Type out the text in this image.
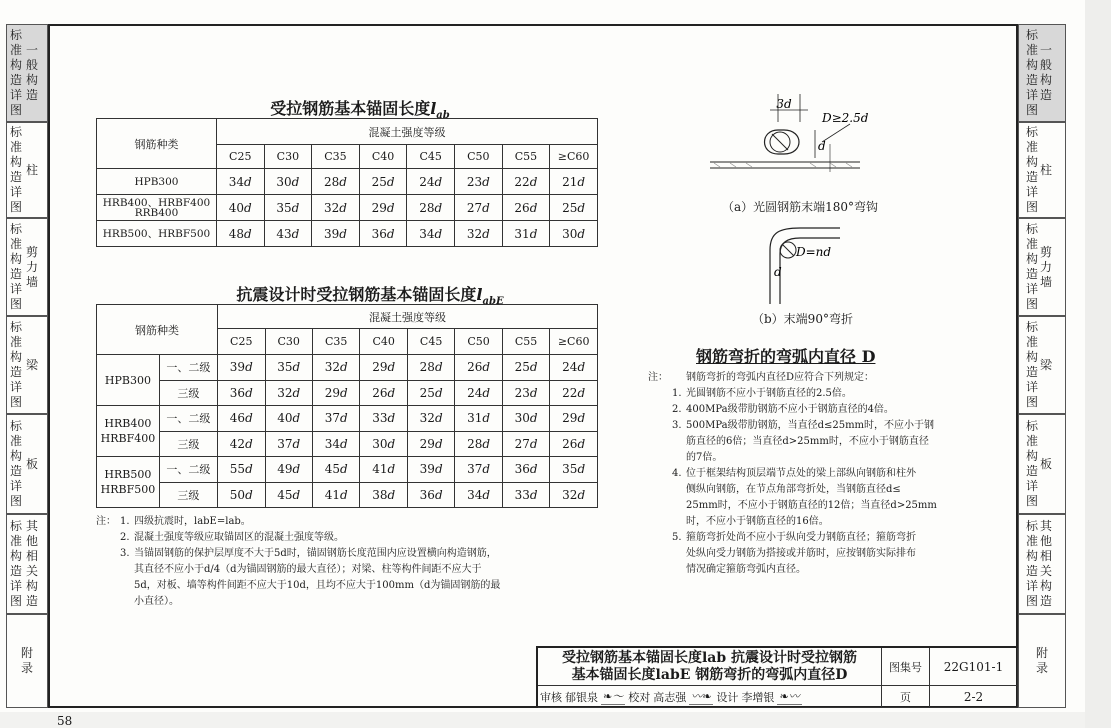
标
准
构
造
详
图
一
般
构
造
标
准
构
造
详
图
柱
标
准
构
造
详
图
剪
力
墙
标
准
构
造
详
图
梁
标
准
构
造
详
图
板
标
准
构
造
详
图
其
他
相
关
构
造
附
录
标
准
构
造
详
图
一
般
构
造
标
准
构
造
详
图
柱
标
准
构
造
详
图
剪
力
墙
标
准
构
造
详
图
梁
标
准
构
造
详
图
板
标
准
构
造
详
图
其
他
相
关
构
造
附
录
受拉钢筋基本锚固长度$l_{ab}$
钢筋种类	混凝土强度等级							
	C25	C30	C35	C40	C45	C50	C55	≥C60
HPB300	34d	30d	28d	25d	24d	23d	22d	21d
HRB400、HRBF400
RRB400	40d	35d	32d	29d	28d	27d	26d	25d
HRB500、HRBF500	48d	43d	39d	36d	34d	32d	31d	30d
抗震设计时受拉钢筋基本锚固长度$l_{abE}$
钢筋种类		混凝土强度等级							
		C25	C30	C35	C40	C45	C50	C55	≥C60
HPB300	一、二级	39d	35d	32d	29d	28d	26d	25d	24d
	三级	36d	32d	29d	26d	25d	24d	23d	22d
HRB400
HRBF400	一、二级	46d	40d	37d	33d	32d	31d	30d	29d
	三级	42d	37d	34d	30d	29d	28d	27d	26d
HRB500
HRBF500	一、二级	55d	49d	45d	41d	39d	37d	36d	35d
	三级	50d	45d	41d	38d	36d	34d	33d	32d
注： 1. 四级抗震时，labE=lab。
2. 混凝土强度等级应取锚固区的混凝土强度等级。
3. 当锚固钢筋的保护层厚度不大于5d时，锚固钢筋长度范围内应设置横向构造钢筋，
其直径不应小于d/4（d为锚固钢筋的最大直径）；对梁、柱等构件间距不应大于
5d，对板、墙等构件间距不应大于10d，且均不应大于100mm（d为锚固钢筋的最
小直径）。
3d
D≥2.5d
d
（a）光圆钢筋末端180°弯钩
D=nd
d
（b）末端90°弯折
钢筋弯折的弯弧内直径 D
注：	钢筋弯折的弯弧内直径D应符合下列规定：
1. 光圆钢筋不应小于钢筋直径的2.5倍。
2. 400MPa级带肋钢筋不应小于钢筋直径的4倍。
3. 500MPa级带肋钢筋，当直径d≤25mm时，不应小于钢
筋直径的6倍；当直径d>25mm时，不应小于钢筋直径
的7倍。
4. 位于框架结构顶层端节点处的梁上部纵向钢筋和柱外
侧纵向钢筋，在节点角部弯折处，当钢筋直径d≤
25mm时，不应小于钢筋直径的12倍；当直径d>25mm
时，不应小于钢筋直径的16倍。
5. 箍筋弯折处尚不应小于纵向受力钢筋直径；箍筋弯折
处纵向受力钢筋为搭接或并筋时，应按钢筋实际排布
情况确定箍筋弯弧内直径。
受拉钢筋基本锚固长度lab 抗震设计时受拉钢筋
基本锚固长度labE 钢筋弯折的弯弧内直径D	图集号	22G101-1
审核 郁银泉 ❧〜 校对 高志强 〰❧ 设计 李增银 ❧〰	页	2-2
58
